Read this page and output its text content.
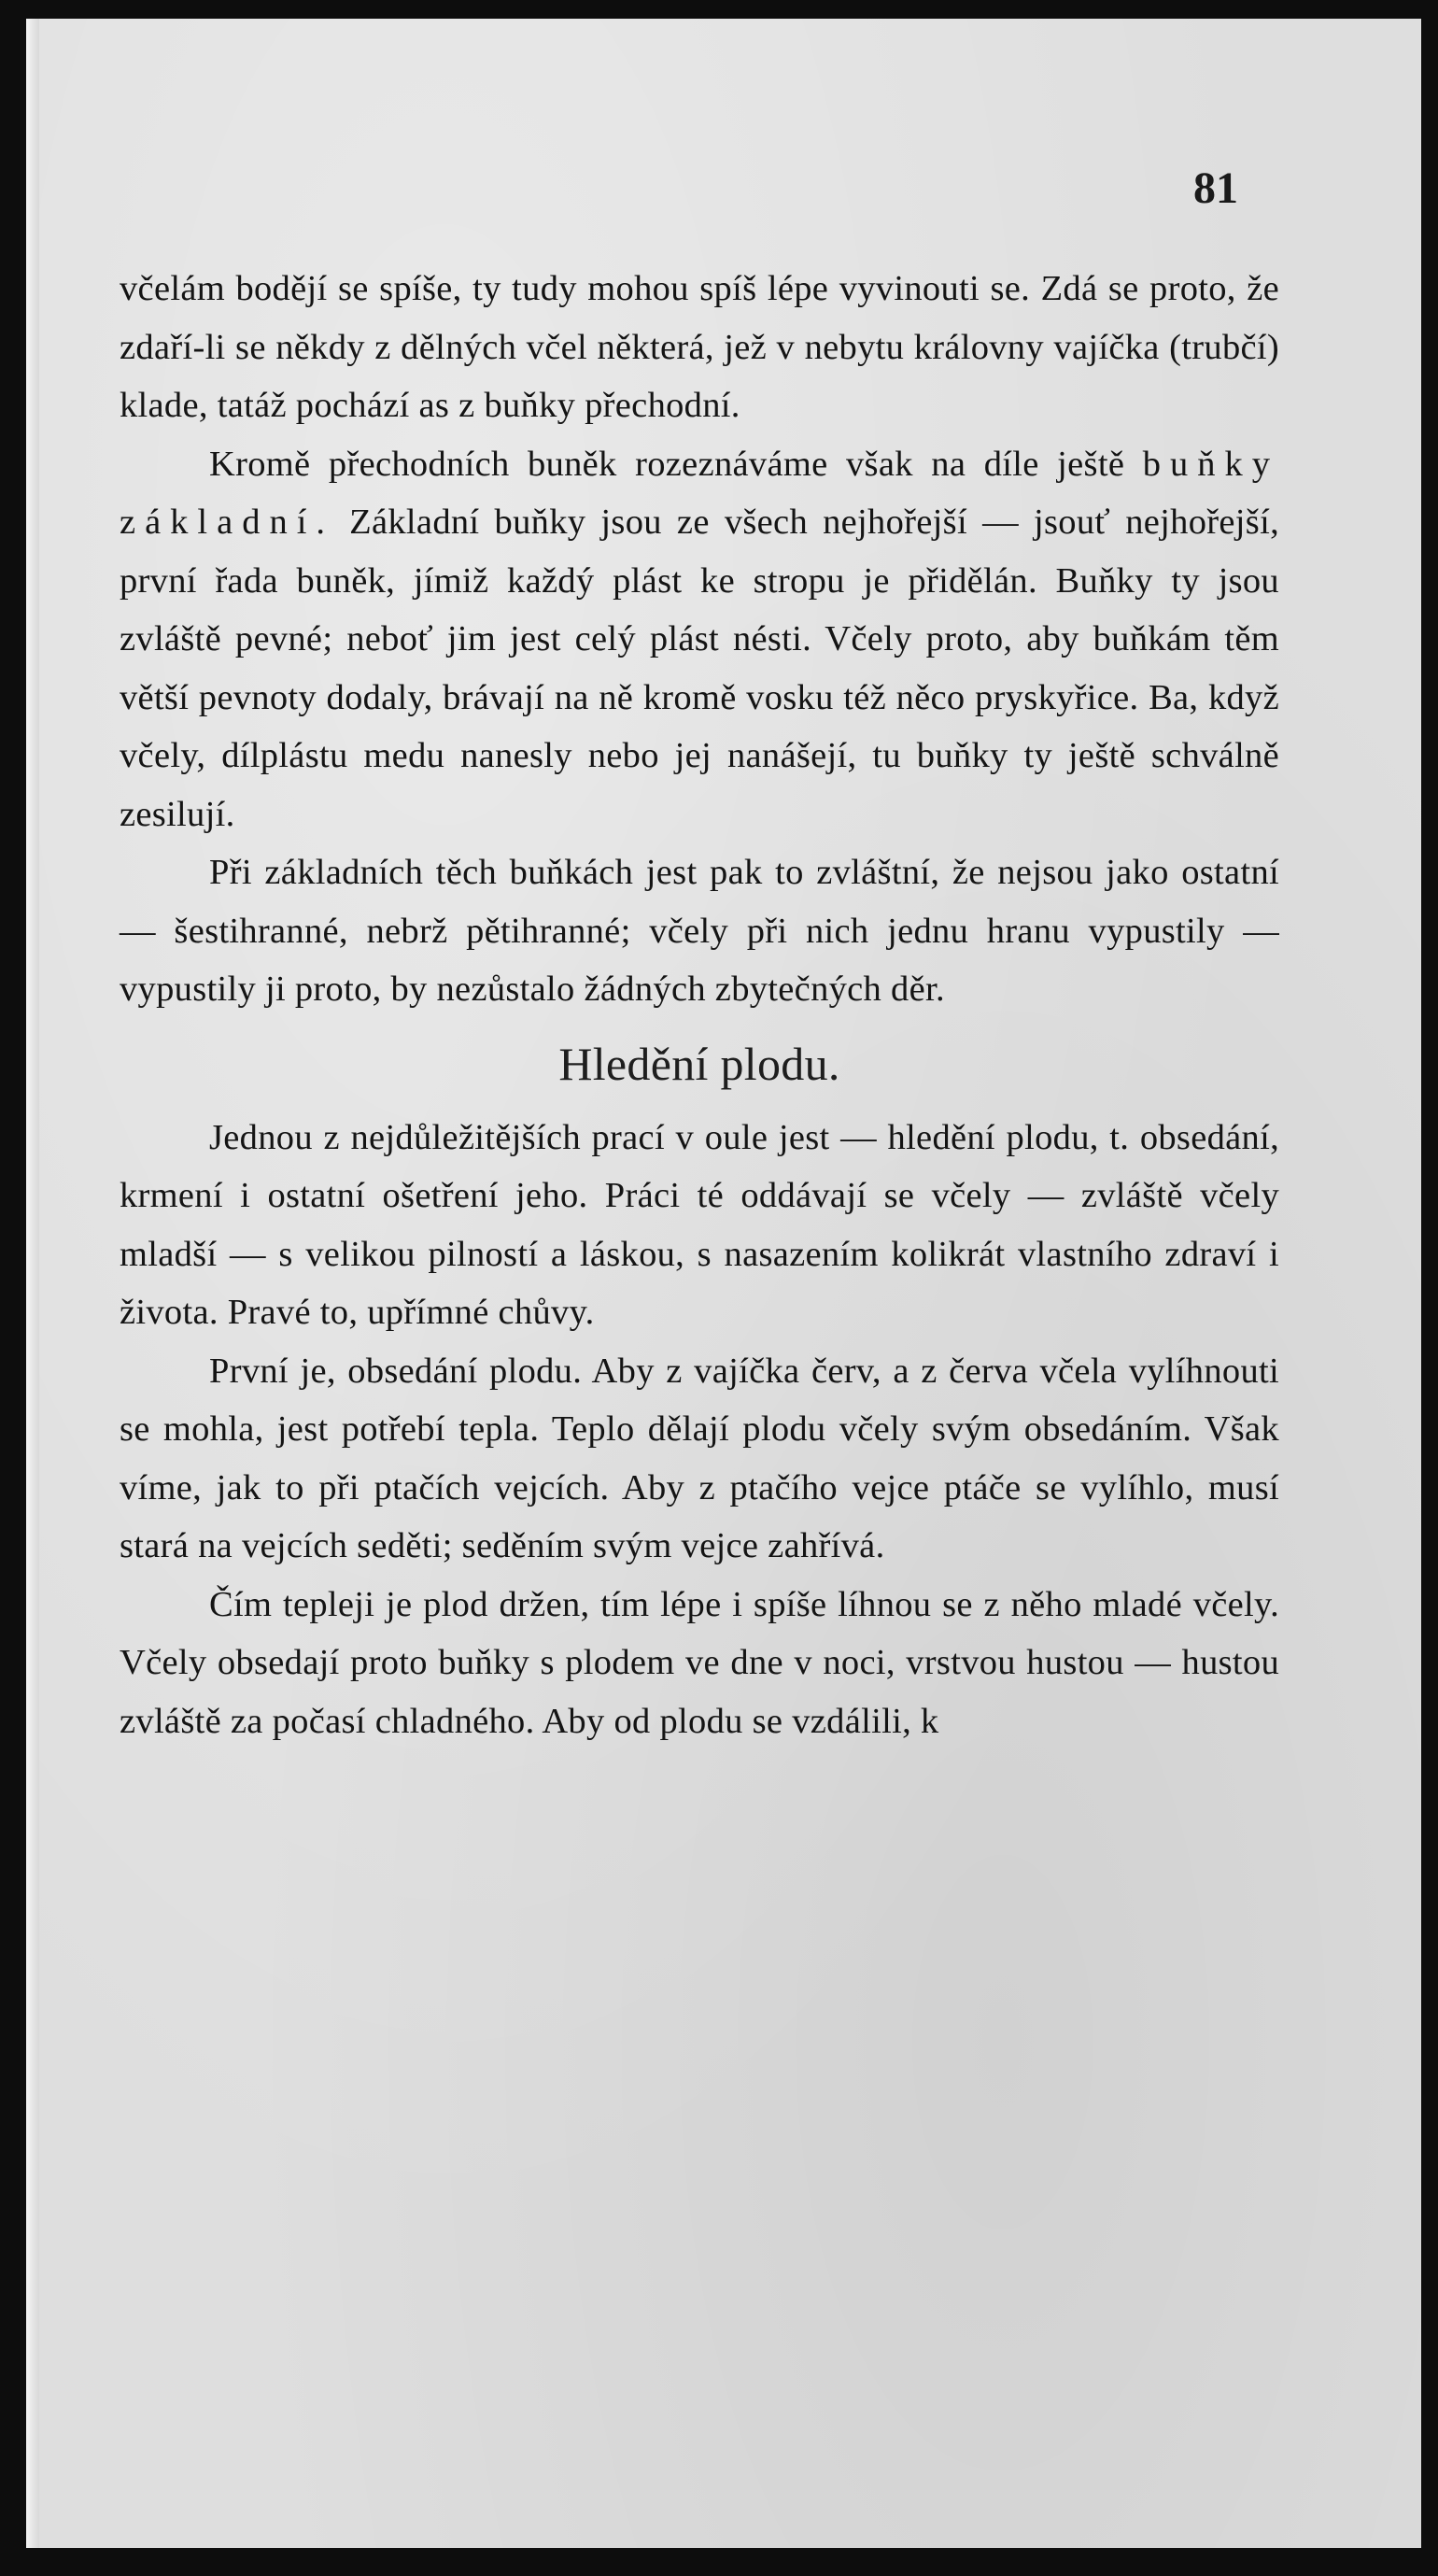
81

včelám bodějí se spíše, ty tudy mohou spíš lépe vyvinouti se. Zdá se proto, že zdaří-li se někdy z dělných včel některá, jež v nebytu královny vajíčka (trubčí) klade, tatáž pochází as z buňky přechodní.

Kromě přechodních buněk rozeznáváme však na díle ještě buňky základní. Základní buňky jsou ze všech nejhořejší — jsouť nejhořejší, první řada buněk, jímiž každý plást ke stropu je přidělán. Buňky ty jsou zvláště pevné; neboť jim jest celý plást nésti. Včely proto, aby buňkám těm větší pevnoty dodaly, brávají na ně kromě vosku též něco pryskyřice. Ba, když včely, dílplástu medu nanesly nebo jej nanášejí, tu buňky ty ještě schválně zesilují.

Při základních těch buňkách jest pak to zvláštní, že nejsou jako ostatní — šestihranné, nebrž pětihranné; včely při nich jednu hranu vypustily — vypustily ji proto, by nezůstalo žádných zbytečných děr.

Hledění plodu.

Jednou z nejdůležitějších prací v oule jest — hledění plodu, t. obsedání, krmení i ostatní ošetření jeho. Práci té oddávají se včely — zvláště včely mladší — s velikou pilností a láskou, s nasazením kolikrát vlastního zdraví i života. Pravé to, upřímné chůvy.

První je, obsedání plodu. Aby z vajíčka červ, a z červa včela vylíhnouti se mohla, jest potřebí tepla. Teplo dělají plodu včely svým obsedáním. Však víme, jak to při ptačích vejcích. Aby z ptačího vejce ptáče se vylíhlo, musí stará na vejcích seděti; seděním svým vejce zahřívá.

Čím tepleji je plod držen, tím lépe i spíše líhnou se z něho mladé včely. Včely obsedají proto buňky s plodem ve dne v noci, vrstvou hustou — hustou zvláště za počasí chladného. Aby od plodu se vzdálili, k
